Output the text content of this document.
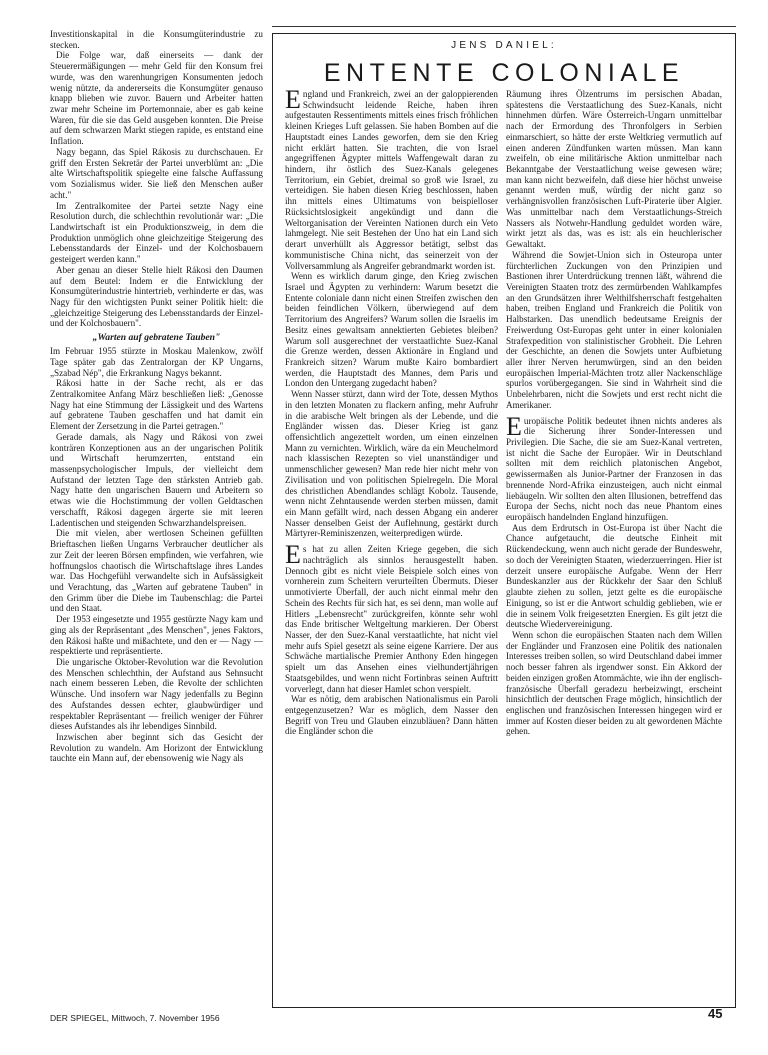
Investitionskapital in die Konsumgüterindustrie zu stecken.

Die Folge war, daß einerseits — dank der Steuerermäßigungen — mehr Geld für den Konsum frei wurde, was den warenhungrigen Konsumenten jedoch wenig nützte, da andererseits die Konsumgüter genauso knapp blieben wie zuvor. Bauern und Arbeiter hatten zwar mehr Scheine im Portemonnaie, aber es gab keine Waren, für die sie das Geld ausgeben konnten. Die Preise auf dem schwarzen Markt stiegen rapide, es entstand eine Inflation.

Nagy begann, das Spiel Rákosis zu durchschauen. Er griff den Ersten Sekretär der Partei unverblümt an: „Die alte Wirtschaftspolitik spiegelte eine falsche Auffassung vom Sozialismus wider. Sie ließ den Menschen außer acht."

Im Zentralkomitee der Partei setzte Nagy eine Resolution durch, die schlechthin revolutionär war: „Die Landwirtschaft ist ein Produktionszweig, in dem die Produktion unmöglich ohne gleichzeitige Steigerung des Lebensstandards der Einzel- und der Kolchosbauern gesteigert werden kann."

Aber genau an dieser Stelle hielt Rákosi den Daumen auf dem Beutel: Indem er die Entwicklung der Konsumgüterindustrie hintertrieb, verhinderte er das, was Nagy für den wichtigsten Punkt seiner Politik hielt: die „gleichzeitige Steigerung des Lebensstandards der Einzel- und der Kolchosbauern".

„Warten auf gebratene Tauben"

Im Februar 1955 stürzte in Moskau Malenkow, zwölf Tage später gab das Zentralorgan der KP Ungarns, „Szabad Nép", die Erkrankung Nagys bekannt.

Rákosi hatte in der Sache recht, als er das Zentralkomitee Anfang März beschließen ließ: „Genosse Nagy hat eine Stimmung der Lässigkeit und des Wartens auf gebratene Tauben geschaffen und hat damit ein Element der Zersetzung in die Partei getragen."

Gerade damals, als Nagy und Rákosi von zwei konträren Konzeptionen aus an der ungarischen Politik und Wirtschaft herumzerrten, entstand ein massenpsychologischer Impuls, der vielleicht dem Aufstand der letzten Tage den stärksten Antrieb gab. Nagy hatte den ungarischen Bauern und Arbeitern so etwas wie die Hochstimmung der vollen Geldtaschen verschafft, Rákosi dagegen ärgerte sie mit leeren Ladentischen und steigenden Schwarzhandelspreisen.

Die mit vielen, aber wertlosen Scheinen gefüllten Brieftaschen ließen Ungarns Verbraucher deutlicher als zur Zeit der leeren Börsen empfinden, wie verfahren, wie hoffnungslos chaotisch die Wirtschaftslage ihres Landes war. Das Hochgefühl verwandelte sich in Aufsässigkeit und Verachtung, das „Warten auf gebratene Tauben" in den Grimm über die Diebe im Taubenschlag: die Partei und den Staat.

Der 1953 eingesetzte und 1955 gestürzte Nagy kam und ging als der Repräsentant „des Menschen", jenes Faktors, den Rákosi haßte und mißachtete, und den er — Nagy — respektierte und repräsentierte.

Die ungarische Oktober-Revolution war die Revolution des Menschen schlechthin, der Aufstand aus Sehnsucht nach einem besseren Leben, die Revolte der schlichten Wünsche. Und insofern war Nagy jedenfalls zu Beginn des Aufstandes dessen echter, glaubwürdiger und respektabler Repräsentant — freilich weniger der Führer dieses Aufstandes als ihr lebendiges Sinnbild.

Inzwischen aber beginnt sich das Gesicht der Revolution zu wandeln. Am Horizont der Entwicklung tauchte ein Mann auf, der ebensowenig wie Nagy als

JENS DANIEL:
ENTENTE COLONIALE

England und Frankreich, zwei an der galoppierenden Schwindsucht leidende Reiche, haben ihren aufgestauten Ressentiments mittels eines frisch fröhlichen kleinen Krieges Luft gelassen. Sie haben Bomben auf die Hauptstadt eines Landes geworfen, dem sie den Krieg nicht erklärt hatten. Sie trachten, die von Israel angegriffenen Ägypter mittels Waffengewalt daran zu hindern, ihr östlich des Suez-Kanals gelegenes Territorium, ein Gebiet, dreimal so groß wie Israel, zu verteidigen. Sie haben diesen Krieg beschlossen, haben ihn mittels eines Ultimatums von beispielloser Rücksichtslosigkeit angekündigt und dann die Weltorganisation der Vereinten Nationen durch ein Veto lahmgelegt. Nie seit Bestehen der Uno hat ein Land sich derart unverhüllt als Aggressor betätigt, selbst das kommunistische China nicht, das seinerzeit von der Vollversammlung als Angreifer gebrandmarkt worden ist.

Wenn es wirklich darum ginge, den Krieg zwischen Israel und Ägypten zu verhindern: Warum besetzt die Entente coloniale dann nicht einen Streifen zwischen den beiden feindlichen Völkern, überwiegend auf dem Territorium des Angreifers? Warum sollen die Israelis im Besitz eines gewaltsam annektierten Gebietes bleiben? Warum soll ausgerechnet der verstaatlichte Suez-Kanal die Grenze werden, dessen Aktionäre in England und Frankreich sitzen? Warum mußte Kairo bombardiert werden, die Hauptstadt des Mannes, dem Paris und London den Untergang zugedacht haben?

Wenn Nasser stürzt, dann wird der Tote, dessen Mythos in den letzten Monaten zu flackern anfing, mehr Aufruhr in die arabische Welt bringen als der Lebende, und die Engländer wissen das. Dieser Krieg ist ganz offensichtlich angezettelt worden, um einen einzelnen Mann zu vernichten. Wirklich, wäre da ein Meuchelmord nach klassischen Rezepten so viel unanständiger und unmenschlicher gewesen? Man rede hier nicht mehr von Zivilisation und von politischen Spielregeln. Die Moral des christlichen Abendlandes schlägt Kobolz. Tausende, wenn nicht Zehntausende werden sterben müssen, damit ein Mann gefällt wird, nach dessen Abgang ein anderer Nasser denselben Geist der Auflehnung, gestärkt durch Märtyrer-Reminiszenzen, weiterpredigen würde.

Es hat zu allen Zeiten Kriege gegeben, die sich nachträglich als sinnlos herausgestellt haben. Dennoch gibt es nicht viele Beispiele solch eines von vornherein zum Scheitern verurteilten Übermuts. Dieser unmotivierte Überfall, der auch nicht einmal mehr den Schein des Rechts für sich hat, es sei denn, man wolle auf Hitlers „Lebensrecht" zurückgreifen, könnte sehr wohl das Ende britischer Weltgeltung markieren. Der Oberst Nasser, der den Suez-Kanal verstaatlichte, hat nicht viel mehr aufs Spiel gesetzt als seine eigene Karriere. Der aus Schwäche martialische Premier Anthony Eden hingegen spielt um das Ansehen eines vielhundertjährigen Staatsgebildes, und wenn nicht Fortinbras seinen Auftritt vorverlegt, dann hat dieser Hamlet schon verspielt.

War es nötig, dem arabischen Nationalismus ein Paroli entgegenzusetzen? War es möglich, dem Nasser den Begriff von Treu und Glauben einzubläuen? Dann hätten die Engländer schon die

Räumung ihres Ölzentrums im persischen Abadan, spätestens die Verstaatlichung des Suez-Kanals, nicht hinnehmen dürfen. Wäre Österreich-Ungarn unmittelbar nach der Ermordung des Thronfolgers in Serbien einmarschiert, so hätte der erste Weltkrieg vermutlich auf einen anderen Zündfunken warten müssen. Man kann zweifeln, ob eine militärische Aktion unmittelbar nach Bekanntgabe der Verstaatlichung weise gewesen wäre; man kann nicht bezweifeln, daß diese hier höchst unweise genannt werden muß, würdig der nicht ganz so verhängnisvollen französischen Luft-Piraterie über Algier. Was unmittelbar nach dem Verstaatlichungs-Streich Nassers als Notwehr-Handlung geduldet worden wäre, wirkt jetzt als das, was es ist: als ein heuchlerischer Gewaltakt.

Während die Sowjet-Union sich in Osteuropa unter fürchterlichen Zuckungen von den Prinzipien und Bastionen ihrer Unterdrückung trennen läßt, während die Vereinigten Staaten trotz des zermürbenden Wahlkampfes an den Grundsätzen ihrer Welthilfsherrschaft festgehalten haben, treiben England und Frankreich die Politik von Halbstarken. Das unendlich bedeutsame Ereignis der Freiwerdung Ost-Europas geht unter in einer kolonialen Strafexpedition von stalinistischer Grobheit. Die Lehren der Geschichte, an denen die Sowjets unter Aufbietung aller ihrer Nerven herumwürgen, sind an den beiden europäischen Imperial-Mächten trotz aller Nackenschläge spurlos vorübergegangen. Sie sind in Wahrheit sind die Unbelehrbaren, nicht die Sowjets und erst recht nicht die Amerikaner.

Europäische Politik bedeutet ihnen nichts anderes als die Sicherung ihrer Sonder-Interessen und Privilegien. Die Sache, die sie am Suez-Kanal vertreten, ist nicht die Sache der Europäer. Wir in Deutschland sollten mit dem reichlich platonischen Angebot, gewissermaßen als Junior-Partner der Franzosen in das brennende Nord-Afrika einzusteigen, auch nicht einmal liebäugeln. Wir sollten den alten Illusionen, betreffend das Europa der Sechs, nicht noch das neue Phantom eines europäisch handelnden England hinzufügen.

Aus dem Erdrutsch in Ost-Europa ist über Nacht die Chance aufgetaucht, die deutsche Einheit mit Rückendeckung, wenn auch nicht gerade der Bundeswehr, so doch der Vereinigten Staaten, wiederzuerringen. Hier ist derzeit unsere europäische Aufgabe. Wenn der Herr Bundeskanzler aus der Rückkehr der Saar den Schluß glaubte ziehen zu sollen, jetzt gelte es die europäische Einigung, so ist er die Antwort schuldig geblieben, wie er die in seinem Volk freigesetzten Energien. Es gilt jetzt die deutsche Wiedervereinigung.

Wenn schon die europäischen Staaten nach dem Willen der Engländer und Franzosen eine Politik des nationalen Interesses treiben sollen, so wird Deutschland dabei immer noch besser fahren als irgendwer sonst. Ein Akkord der beiden einzigen großen Atommächte, wie ihn der englisch-französische Überfall geradezu herbeizwingt, erscheint hinsichtlich der deutschen Frage möglich, hinsichtlich der englischen und französischen Interessen hingegen wird er immer auf Kosten dieser beiden zu alt gewordenen Mächte gehen.

DER SPIEGEL, Mittwoch, 7. November 1956	45
